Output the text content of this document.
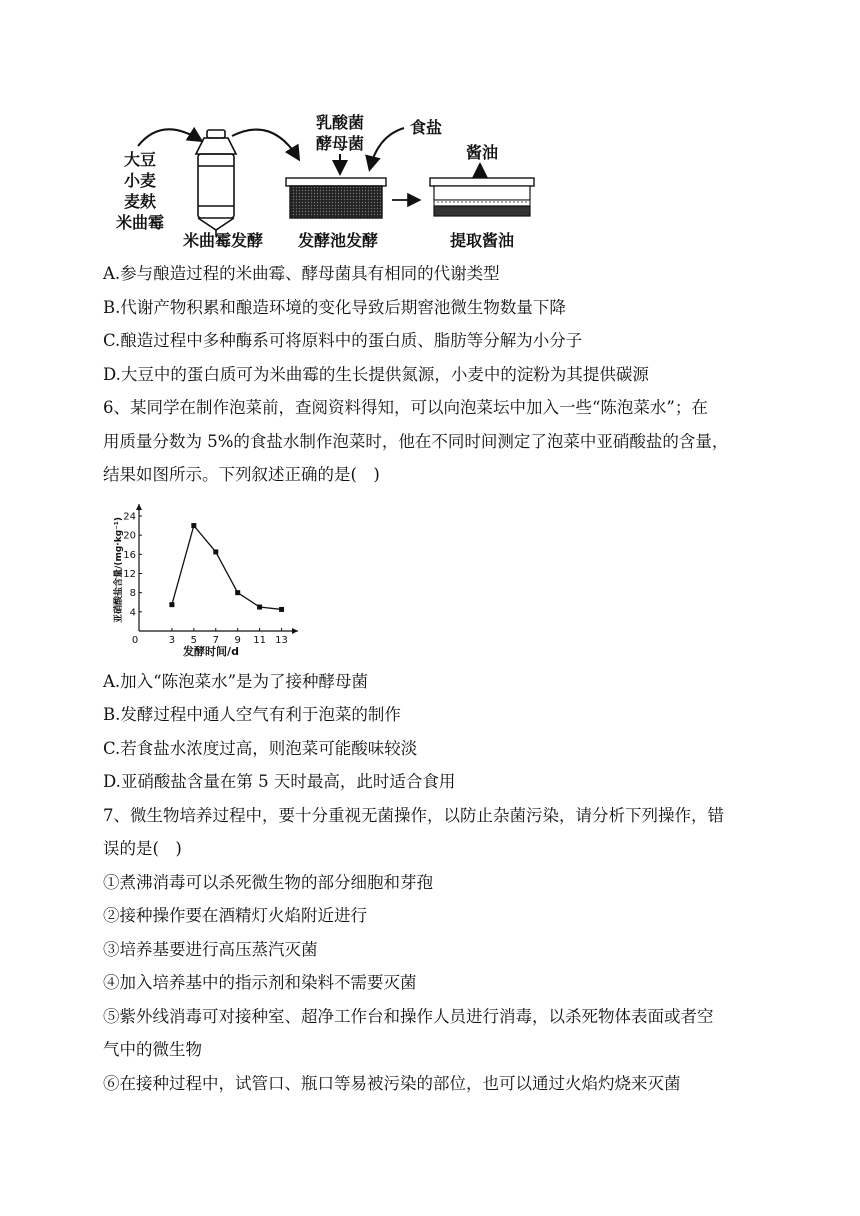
大豆
小麦
麦麸
米曲霉
米曲霉发酵
乳酸菌
酵母菌
食盐
发酵池发酵
酱油
提取酱油
A.参与酿造过程的米曲霉、酵母菌具有相同的代谢类型
B.代谢产物积累和酿造环境的变化导致后期窖池微生物数量下降
C.酿造过程中多种酶系可将原料中的蛋白质、脂肪等分解为小分子
D.大豆中的蛋白质可为米曲霉的生长提供氮源，小麦中的淀粉为其提供碳源
6、某同学在制作泡菜前，查阅资料得知，可以向泡菜坛中加入一些“陈泡菜水”；在
用质量分数为 5%的食盐水制作泡菜时，他在不同时间测定了泡菜中亚硝酸盐的含量，
结果如图所示。下列叙述正确的是(　)
0	3 5 7 9 11 13
4
8
12
16
20
24
发酵时间/d
亚硝酸盐含量/(mg·kg⁻¹)
A.加入“陈泡菜水”是为了接种酵母菌
B.发酵过程中通人空气有利于泡菜的制作
C.若食盐水浓度过高，则泡菜可能酸味较淡
D.亚硝酸盐含量在第 5 天时最高，此时适合食用
7、微生物培养过程中，要十分重视无菌操作，以防止杂菌污染，请分析下列操作，错
误的是(　)
①煮沸消毒可以杀死微生物的部分细胞和芽孢
②接种操作要在酒精灯火焰附近进行
③培养基要进行高压蒸汽灭菌
④加入培养基中的指示剂和染料不需要灭菌
⑤紫外线消毒可对接种室、超净工作台和操作人员进行消毒，以杀死物体表面或者空
气中的微生物
⑥在接种过程中，试管口、瓶口等易被污染的部位，也可以通过火焰灼烧来灭菌
